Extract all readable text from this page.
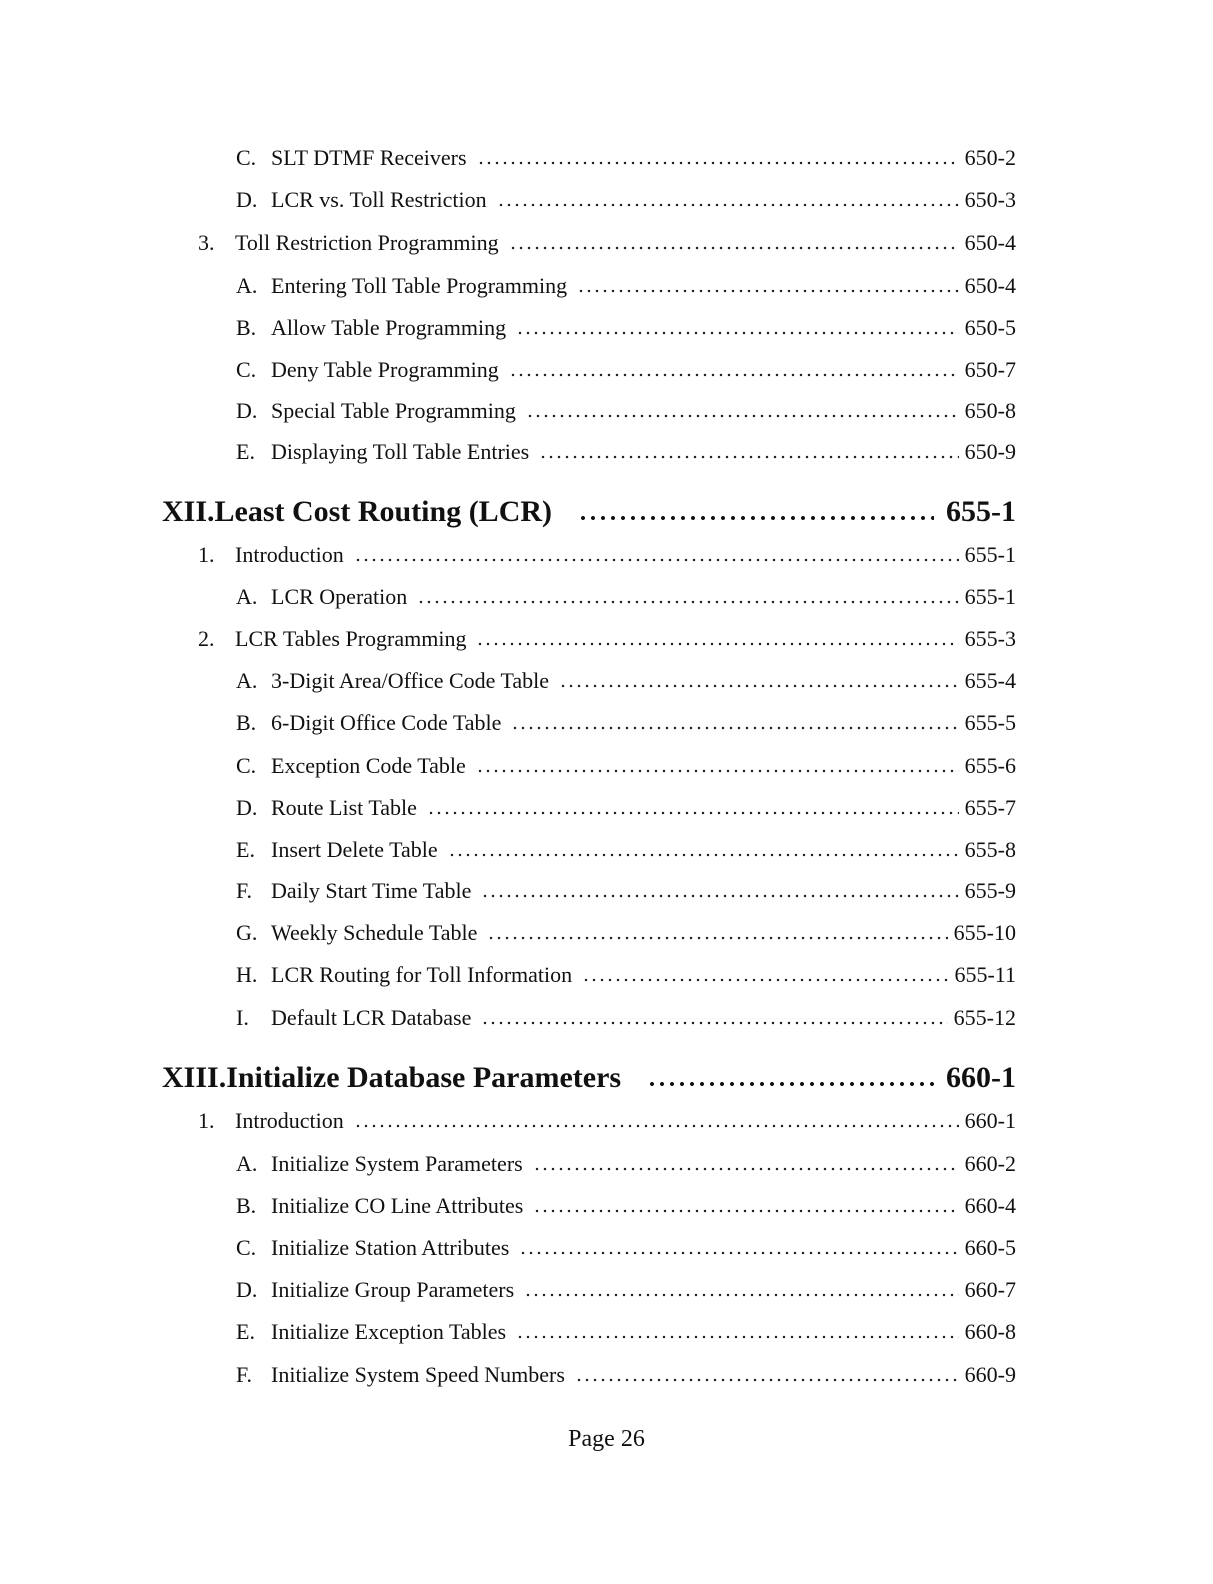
C. SLT DTMF Receivers	650-2
D. LCR vs. Toll Restriction	650-3
3. Toll Restriction Programming	650-4
A. Entering Toll Table Programming	650-4
B. Allow Table Programming	650-5
C. Deny Table Programming	650-7
D. Special Table Programming	650-8
E. Displaying Toll Table Entries	650-9
XII.Least Cost Routing (LCR)	655-1
1. Introduction	655-1
A. LCR Operation	655-1
2. LCR Tables Programming	655-3
A. 3-Digit Area/Office Code Table	655-4
B. 6-Digit Office Code Table	655-5
C. Exception Code Table	655-6
D. Route List Table	655-7
E. Insert Delete Table	655-8
F. Daily Start Time Table	655-9
G. Weekly Schedule Table	655-10
H. LCR Routing for Toll Information	655-11
I.	Default LCR Database	655-12
XIII.Initialize Database Parameters	660-1
1. Introduction	660-1
A. Initialize System Parameters	660-2
B. Initialize CO Line Attributes	660-4
C. Initialize Station Attributes	660-5
D. Initialize Group Parameters	660-7
E. Initialize Exception Tables	660-8
F. Initialize System Speed Numbers	660-9
Page 26
